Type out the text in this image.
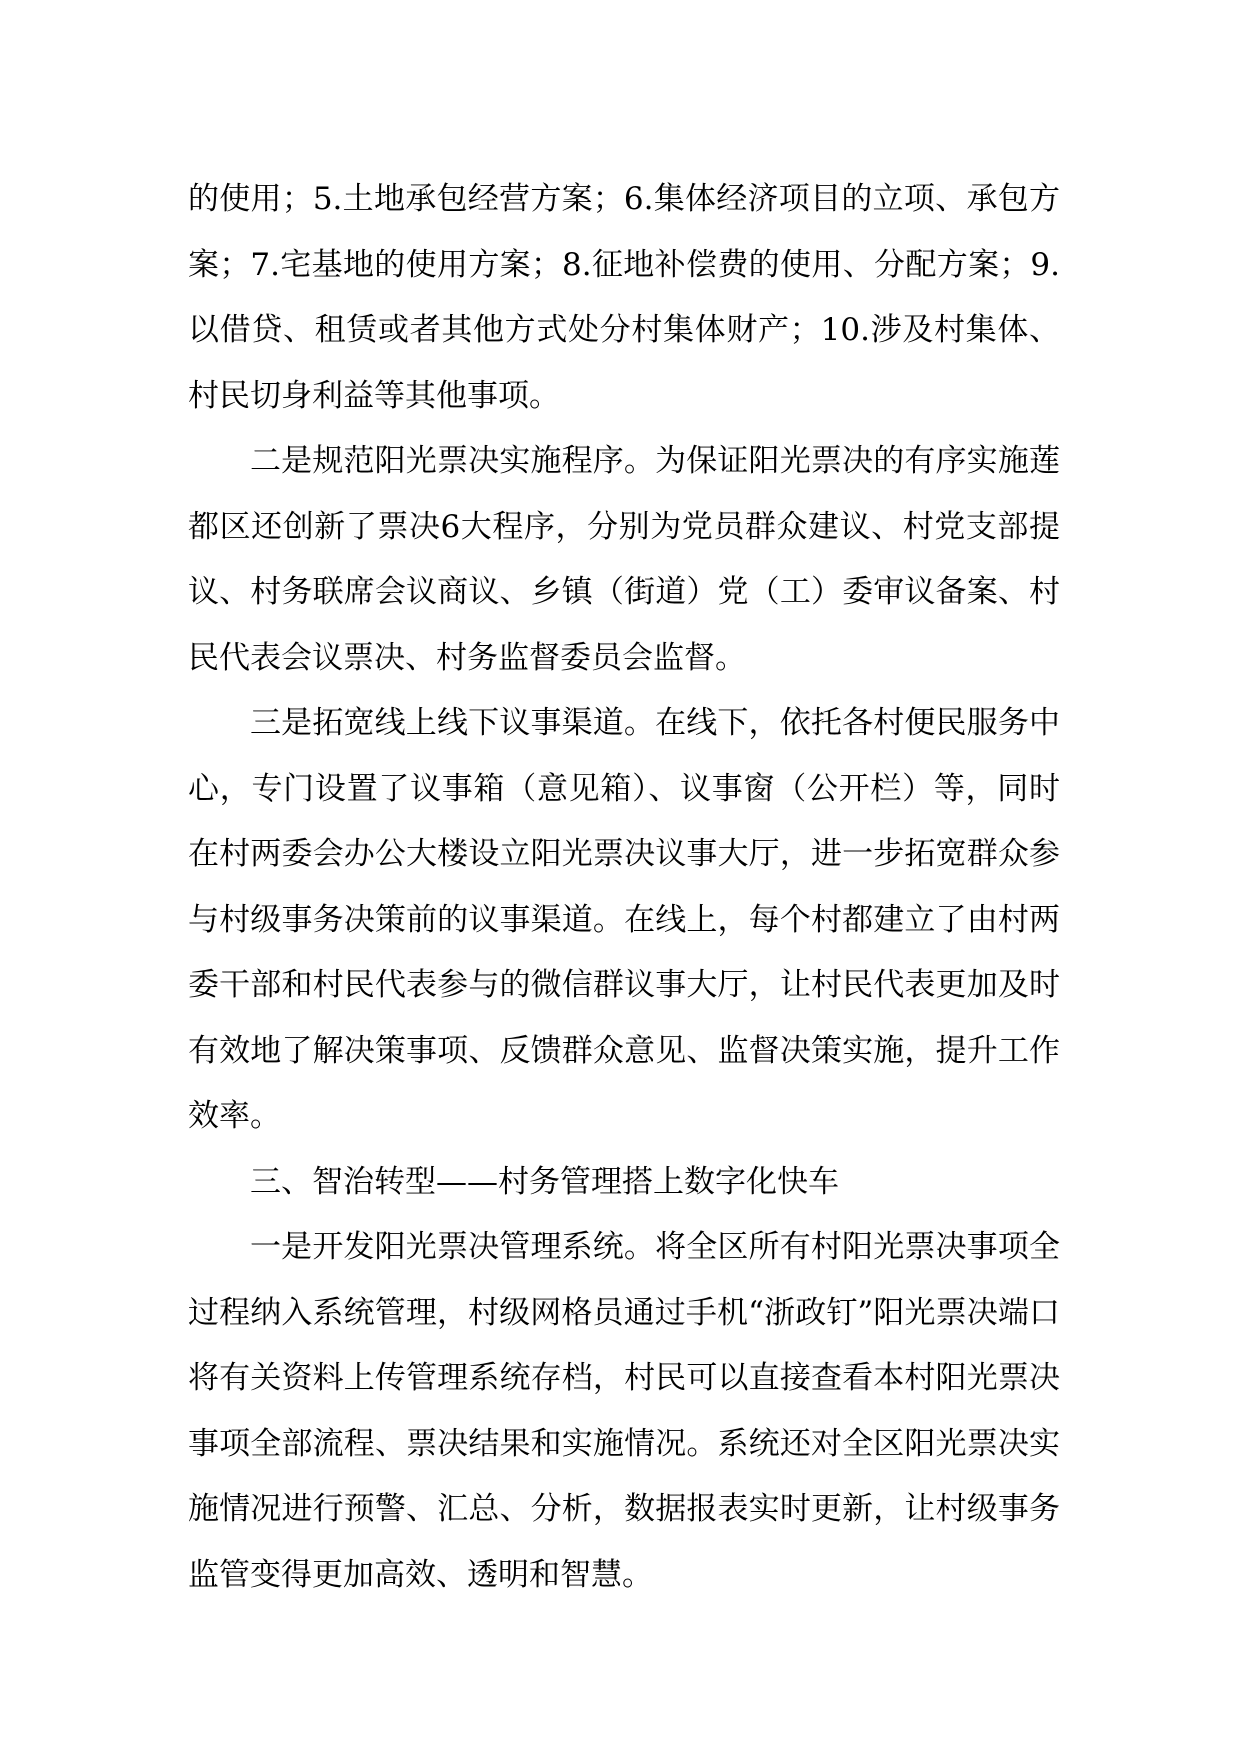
的使用；5.土地承包经营方案；6.集体经济项目的立项、承包方案；7.宅基地的使用方案；8.征地补偿费的使用、分配方案；9.以借贷、租赁或者其他方式处分村集体财产；10.涉及村集体、村民切身利益等其他事项。

二是规范阳光票决实施程序。为保证阳光票决的有序实施莲都区还创新了票决6大程序，分别为党员群众建议、村党支部提议、村务联席会议商议、乡镇（街道）党（工）委审议备案、村民代表会议票决、村务监督委员会监督。

三是拓宽线上线下议事渠道。在线下，依托各村便民服务中心，专门设置了议事箱（意见箱）、议事窗（公开栏）等，同时在村两委会办公大楼设立阳光票决议事大厅，进一步拓宽群众参与村级事务决策前的议事渠道。在线上，每个村都建立了由村两委干部和村民代表参与的微信群议事大厅，让村民代表更加及时有效地了解决策事项、反馈群众意见、监督决策实施，提升工作效率。

三、智治转型——村务管理搭上数字化快车

一是开发阳光票决管理系统。将全区所有村阳光票决事项全过程纳入系统管理，村级网格员通过手机“浙政钉”阳光票决端口将有关资料上传管理系统存档，村民可以直接查看本村阳光票决事项全部流程、票决结果和实施情况。系统还对全区阳光票决实施情况进行预警、汇总、分析，数据报表实时更新，让村级事务监管变得更加高效、透明和智慧。
